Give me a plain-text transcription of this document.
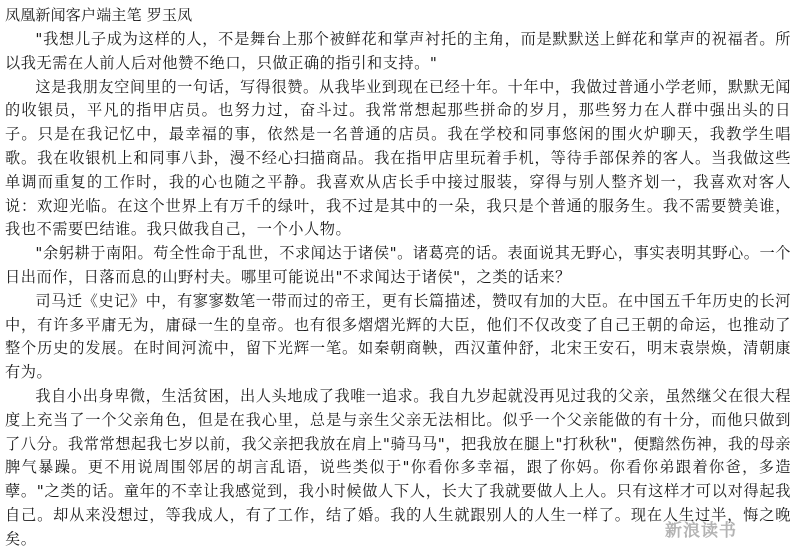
凤凰新闻客户端主笔 罗玉凤

"我想儿子成为这样的人，不是舞台上那个被鲜花和掌声衬托的主角，而是默默送上鲜花和掌声的祝福者。所以我无需在人前人后对他赞不绝口，只做正确的指引和支持。"

这是我朋友空间里的一句话，写得很赞。从我毕业到现在已经十年。十年中，我做过普通小学老师，默默无闻的收银员，平凡的指甲店员。也努力过，奋斗过。我常常想起那些拼命的岁月，那些努力在人群中强出头的日子。只是在我记忆中，最幸福的事，依然是一名普通的店员。我在学校和同事悠闲的围火炉聊天，我教学生唱歌。我在收银机上和同事八卦，漫不经心扫描商品。我在指甲店里玩着手机，等待手部保养的客人。当我做这些单调而重复的工作时，我的心也随之平静。我喜欢从店长手中接过服装，穿得与别人整齐划一，我喜欢对客人说：欢迎光临。在这个世界上有万千的绿叶，我不过是其中的一朵，我只是个普通的服务生。我不需要赞美谁，我也不需要巴结谁。我只做我自己，一个小人物。

"余躬耕于南阳。苟全性命于乱世，不求闻达于诸侯"。诸葛亮的话。表面说其无野心，事实表明其野心。一个日出而作，日落而息的山野村夫。哪里可能说出"不求闻达于诸侯"，之类的话来？

司马迁《史记》中，有寥寥数笔一带而过的帝王，更有长篇描述，赞叹有加的大臣。在中国五千年历史的长河中，有许多平庸无为，庸碌一生的皇帝。也有很多熠熠光辉的大臣，他们不仅改变了自己王朝的命运，也推动了整个历史的发展。在时间河流中，留下光辉一笔。如秦朝商鞅，西汉董仲舒，北宋王安石，明末袁崇焕，清朝康有为。

我自小出身卑微，生活贫困，出人头地成了我唯一追求。我自九岁起就没再见过我的父亲，虽然继父在很大程度上充当了一个父亲角色，但是在我心里，总是与亲生父亲无法相比。似乎一个父亲能做的有十分，而他只做到了八分。我常常想起我七岁以前，我父亲把我放在肩上"骑马马"，把我放在腿上"打秋秋"，便黯然伤神，我的母亲脾气暴躁。更不用说周围邻居的胡言乱语，说些类似于"你看你多幸福，跟了你妈。你看你弟跟着你爸，多造孽。"之类的话。童年的不幸让我感觉到，我小时候做人下人，长大了我就要做人上人。只有这样才可以对得起我自己。却从来没想过，等我成人，有了工作，结了婚。我的人生就跟别人的人生一样了。现在人生过半，悔之晚矣。	新浪读书
